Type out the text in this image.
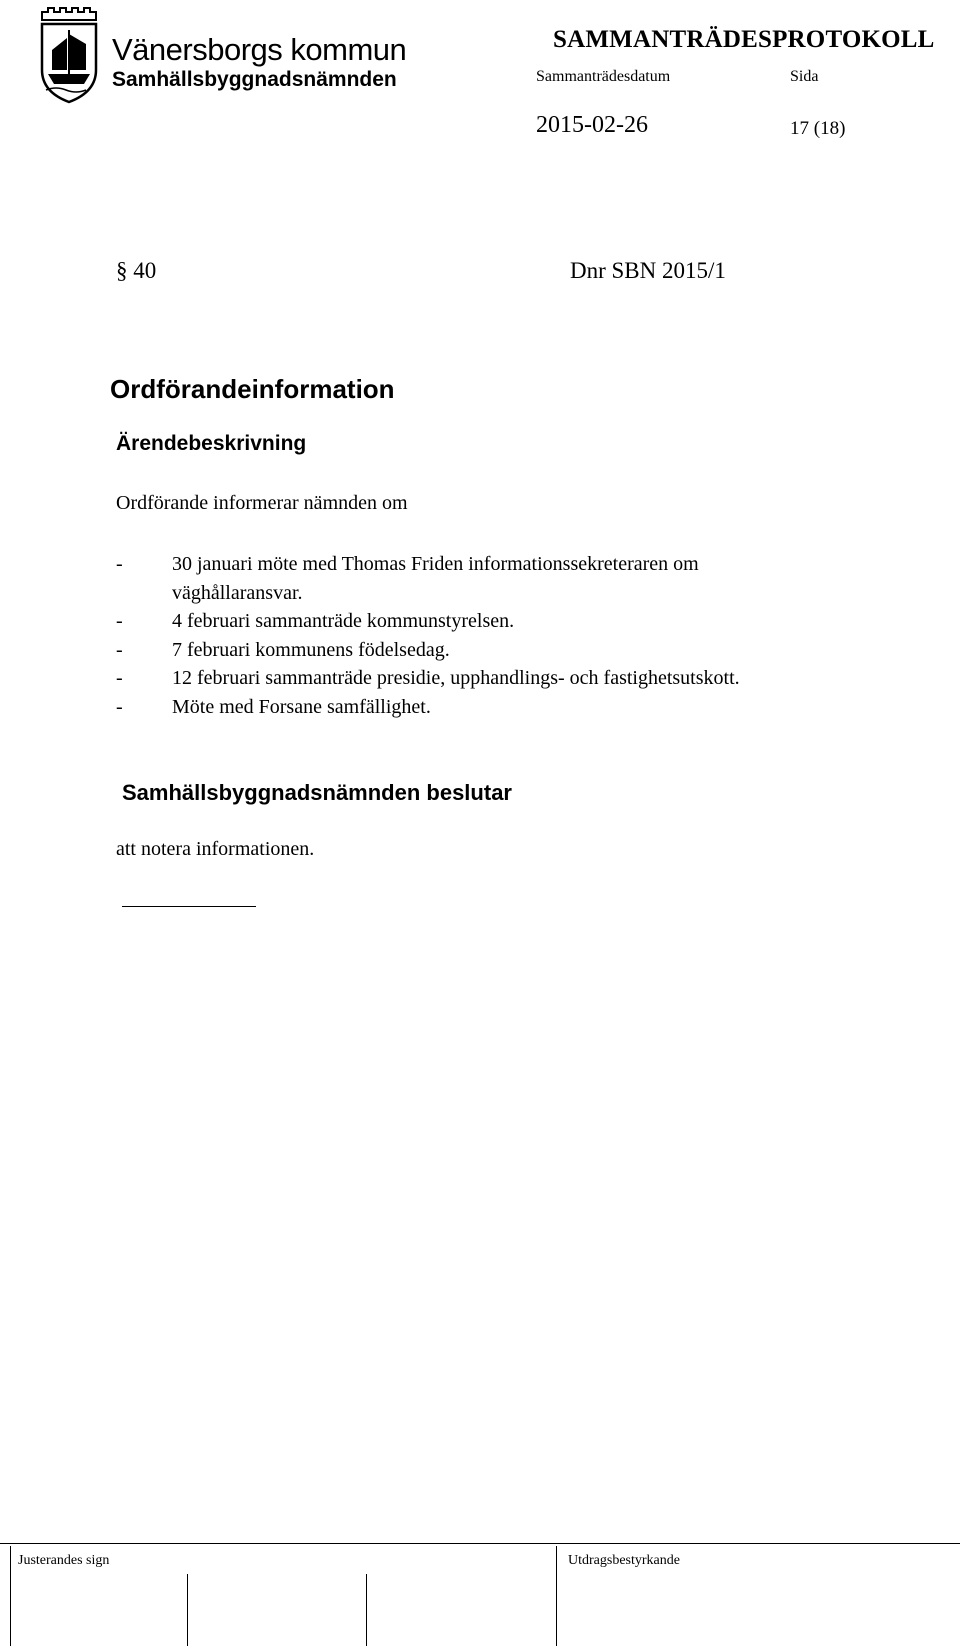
Vänersborgs kommun
Samhällsbyggnadsnämnden
SAMMANTRÄDESPROTOKOLL
Sammanträdesdatum	Sida
2015-02-26	17 (18)
§ 40	Dnr SBN 2015/1
Ordförandeinformation
Ärendebeskrivning
Ordförande informerar nämnden om
- 30 januari möte med Thomas Friden informationssekreteraren om
väghållaransvar.
- 4 februari sammanträde kommunstyrelsen.
- 7 februari kommunens födelsedag.
- 12 februari sammanträde presidie, upphandlings- och fastighetsutskott.
- Möte med Forsane samfällighet.
Samhällsbyggnadsnämnden beslutar
att notera informationen.
Justerandes sign	Utdragsbestyrkande
